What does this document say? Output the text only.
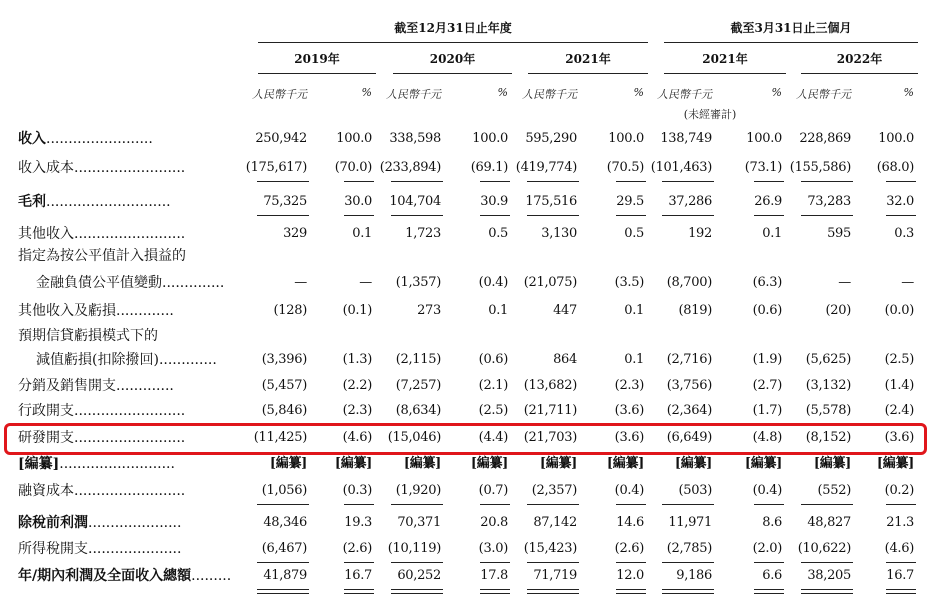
截至12月31日止年度	截至3月31日止三個月
2019年	2020年	2021年	2021年	2022年
人民幣千元	%	人民幣千元	%	人民幣千元	%	人民幣千元	%	人民幣千元	%
(未經審計)
收入........................	250,942	100.0	338,598	100.0	595,290	100.0	138,749	100.0	228,869	100.0
收入成本.........................	(175,617)	(70.0) (233,894)	(69.1) (419,774)	(70.5) (101,463)	(73.1) (155,586)	(68.0)
毛利............................	75,325	30.0	104,704	30.9	175,516	29.5	37,286	26.9	73,283	32.0
其他收入.........................	329	0.1	1,723	0.5	3,130	0.5	192	0.1	595	0.3
指定為按公平值計入損益的
金融負債公平值變動..............	—	—	(1,357)	(0.4)	(21,075)	(3.5)	(8,700)	(6.3)	—	—
其他收入及虧損.............	(128)	(0.1)	273	0.1	447	0.1	(819)	(0.6)	(20)	(0.0)
預期信貸虧損模式下的
減值虧損(扣除撥回).............	(3,396)	(1.3)	(2,115)	(0.6)	864	0.1	(2,716)	(1.9)	(5,625)	(2.5)
分銷及銷售開支.............	(5,457)	(2.2)	(7,257)	(2.1)	(13,682)	(2.3)	(3,756)	(2.7)	(3,132)	(1.4)
行政開支.........................	(5,846)	(2.3)	(8,634)	(2.5)	(21,711)	(3.6)	(2,364)	(1.7)	(5,578)	(2.4)
研發開支.........................	(11,425)	(4.6)	(15,046)	(4.4)	(21,703)	(3.6)	(6,649)	(4.8)	(8,152)	(3.6)
[編纂]..........................	[編纂]	[編纂]	[編纂]	[編纂]	[編纂]	[編纂]	[編纂]	[編纂]	[編纂]	[編纂]
融資成本.........................	(1,056)	(0.3)	(1,920)	(0.7)	(2,357)	(0.4)	(503)	(0.4)	(552)	(0.2)
除稅前利潤.....................	48,346	19.3	70,371	20.8	87,142	14.6	11,971	8.6	48,827	21.3
所得稅開支.....................	(6,467)	(2.6)	(10,119)	(3.0)	(15,423)	(2.6)	(2,785)	(2.0)	(10,622)	(4.6)
年/期內利潤及全面收入總額.........	41,879	16.7	60,252	17.8	71,719	12.0	9,186	6.6	38,205	16.7
